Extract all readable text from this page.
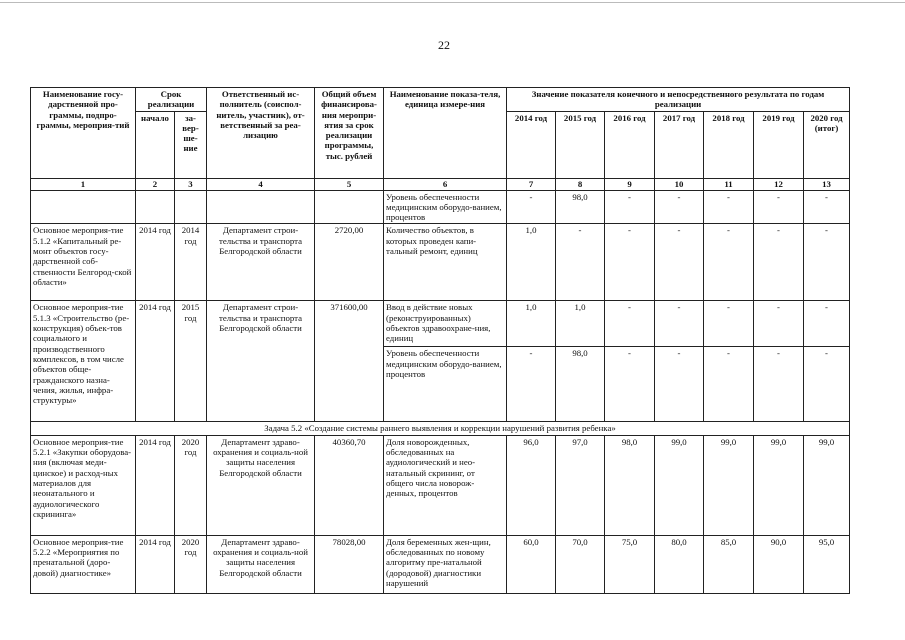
22
Наименование госу-дарственной про-граммы, подпро-граммы, мероприя-тий	Срок реализации		Ответственный ис-полнитель (соиспол-нитель, участник), от-ветственный за реа-лизацию	Общий объем финансирова-ния меропри-ятия за срок реализации программы, тыс. рублей	Наименование показа-теля, единица измере-ния	Значение показателя конечного и непосредственного результата по годам реализации						
	начало	за-вер-ше-ние				2014 год	2015 год	2016 год	2017 год	2018 год	2019 год	2020 год (итог)
1	2	3	4	5	6	7	8	9	10	11	12	13
					Уровень обеспеченности медицинским оборудо-ванием, процентов	-	98,0	-	-	-	-	-
Основное мероприя-тие 5.1.2 «Капитальный ре-монт объектов госу-дарственной соб-ственности Белгород-ской области»	2014 год	2014 год	Департамент строи-тельства и транспорта Белгородской области	2720,00	Количество объектов, в которых проведен капи-тальный ремонт, единиц	1,0	-	-	-	-	-	-
Основное мероприя-тие 5.1.3 «Строительство (ре-конструкция) объек-тов социального и производственного комплексов, в том числе объектов обще-гражданского назна-чения, жилья, инфра-структуры»	2014 год	2015 год	Департамент строи-тельства и транспорта Белгородской области	371600,00	Ввод в действие новых (реконструированных) объектов здравоохране-ния, единиц	1,0	1,0	-	-	-	-	-
					Уровень обеспеченности медицинским оборудо-ванием, процентов	-	98,0	-	-	-	-	-
Задача 5.2 «Создание системы раннего выявления и коррекции нарушений развития ребенка»												
Основное мероприя-тие 5.2.1 «Закупки оборудова-ния (включая меди-цинское) и расход-ных материалов для неонатального и аудиологического скрининга»	2014 год	2020 год	Департамент здраво-охранения и социаль-ной защиты населения Белгородской области	40360,70	Доля новорожденных, обследованных на аудиологический и нео-натальный скрининг, от общего числа новорож-денных, процентов	96,0	97,0	98,0	99,0	99,0	99,0	99,0
Основное мероприя-тие 5.2.2 «Мероприятия по пренатальной (доро-довой) диагностике»	2014 год	2020 год	Департамент здраво-охранения и социаль-ной защиты населения Белгородской области	78028,00	Доля беременных жен-щин, обследованных по новому алгоритму пре-натальной (дородовой) диагностики нарушений	60,0	70,0	75,0	80,0	85,0	90,0	95,0
